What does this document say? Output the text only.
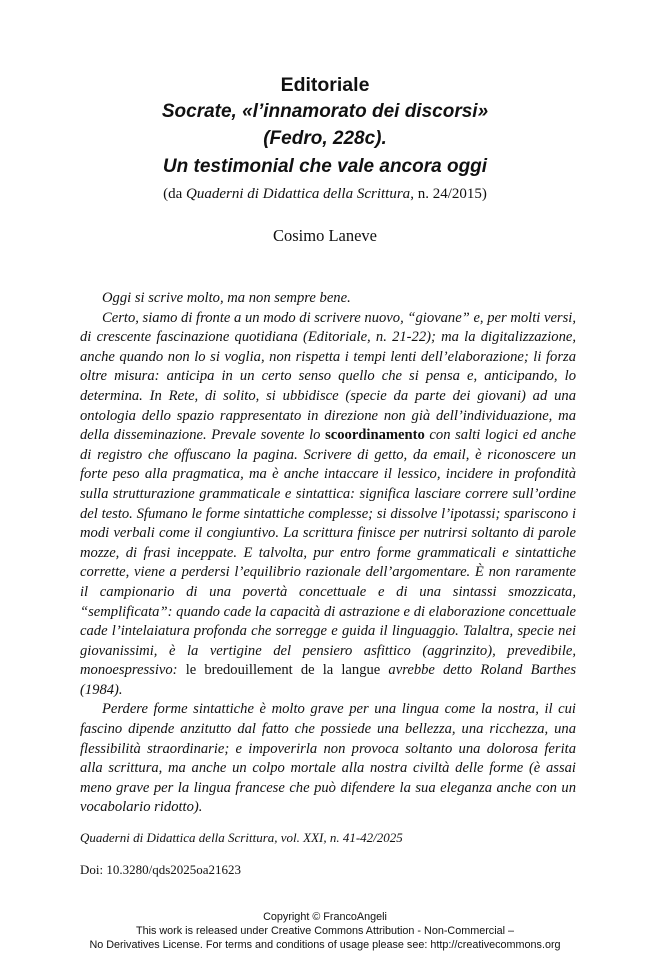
Editoriale
Socrate, «l’innamorato dei discorsi»
(Fedro, 228c).
Un testimonial che vale ancora oggi
(da Quaderni di Didattica della Scrittura, n. 24/2015)
Cosimo Laneve

Oggi si scrive molto, ma non sempre bene.

Certo, siamo di fronte a un modo di scrivere nuovo, “giovane” e, per molti versi, di crescente fascinazione quotidiana (Editoriale, n. 21-22); ma la digitalizzazione, anche quando non lo si voglia, non rispetta i tempi lenti dell’elaborazione; li forza oltre misura: anticipa in un certo senso quello che si pensa e, anticipando, lo determina. In Rete, di solito, si ubbidisce (specie da parte dei giovani) ad una ontologia dello spazio rappresentato in direzione non già dell’individuazione, ma della disseminazione. Prevale sovente lo scoordinamento con salti logici ed anche di registro che offuscano la pagina. Scrivere di getto, da email, è riconoscere un forte peso alla pragmatica, ma è anche intaccare il lessico, incidere in profondità sulla strutturazione grammaticale e sintattica: significa lasciare correre sull’ordine del testo. Sfumano le forme sintattiche complesse; si dissolve l’ipotassi; spariscono i modi verbali come il congiuntivo. La scrittura finisce per nutrirsi soltanto di parole mozze, di frasi inceppate. E talvolta, pur entro forme grammaticali e sintattiche corrette, viene a perdersi l’equilibrio razionale dell’argomentare. È non raramente il campionario di una povertà concettuale e di una sintassi smozzicata, “semplificata”: quando cade la capacità di astrazione e di elaborazione concettuale cade l’intelaiatura profonda che sorregge e guida il linguaggio. Talaltra, specie nei giovanissimi, è la vertigine del pensiero asfittico (aggrinzito), prevedibile, monoespressivo: le bredouillement de la langue avrebbe detto Roland Barthes (1984).

Perdere forme sintattiche è molto grave per una lingua come la nostra, il cui fascino dipende anzitutto dal fatto che possiede una bellezza, una ricchezza, una flessibilità straordinarie; e impoverirla non provoca soltanto una dolorosa ferita alla scrittura, ma anche un colpo mortale alla nostra civiltà delle forme (è assai meno grave per la lingua francese che può difendere la sua eleganza anche con un vocabolario ridotto).

Quaderni di Didattica della Scrittura, vol. XXI, n. 41-42/2025
Doi: 10.3280/qds2025oa21623
Copyright © FrancoAngeli
This work is released under Creative Commons Attribution - Non-Commercial –
No Derivatives License. For terms and conditions of usage please see: http://creativecommons.org
